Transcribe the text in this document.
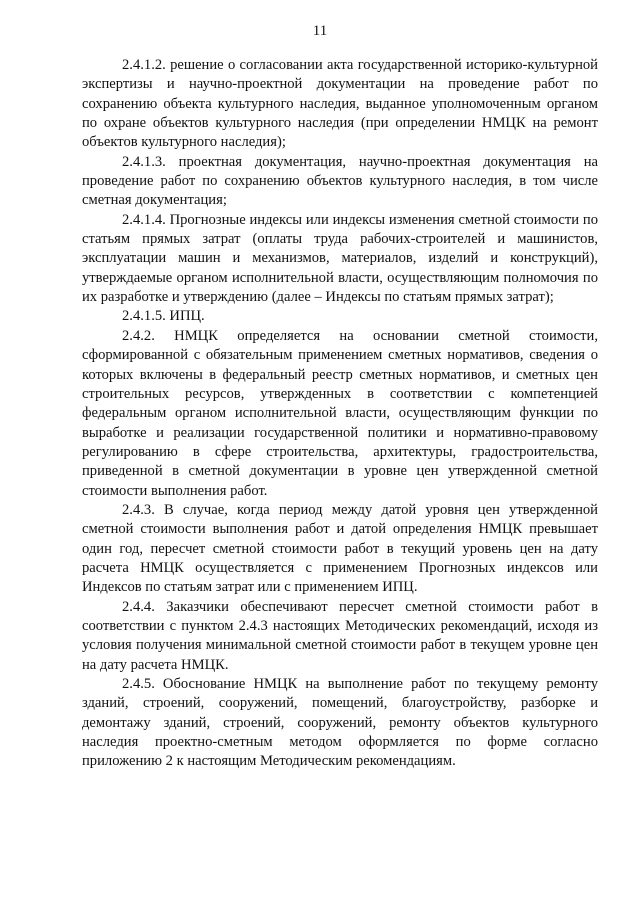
11

2.4.1.2. решение о согласовании акта государственной историко-культурной экспертизы и научно-проектной документации на проведение работ по сохранению объекта культурного наследия, выданное уполномоченным органом по охране объектов культурного наследия (при определении НМЦК на ремонт объектов культурного наследия);

2.4.1.3. проектная документация, научно-проектная документация на проведение работ по сохранению объектов культурного наследия, в том числе сметная документация;

2.4.1.4. Прогнозные индексы или индексы изменения сметной стоимости по статьям прямых затрат (оплаты труда рабочих-строителей и машинистов, эксплуатации машин и механизмов, материалов, изделий и конструкций), утверждаемые органом исполнительной власти, осуществляющим полномочия по их разработке и утверждению (далее – Индексы по статьям прямых затрат);

2.4.1.5. ИПЦ.

2.4.2. НМЦК определяется на основании сметной стоимости, сформированной с обязательным применением сметных нормативов, сведения о которых включены в федеральный реестр сметных нормативов, и сметных цен строительных ресурсов, утвержденных в соответствии с компетенцией федеральным органом исполнительной власти, осуществляющим функции по выработке и реализации государственной политики и нормативно-правовому регулированию в сфере строительства, архитектуры, градостроительства, приведенной в сметной документации в уровне цен утвержденной сметной стоимости выполнения работ.

2.4.3. В случае, когда период между датой уровня цен утвержденной сметной стоимости выполнения работ и датой определения НМЦК превышает один год, пересчет сметной стоимости работ в текущий уровень цен на дату расчета НМЦК осуществляется с применением Прогнозных индексов или Индексов по статьям затрат или с применением ИПЦ.

2.4.4. Заказчики обеспечивают пересчет сметной стоимости работ в соответствии с пунктом 2.4.3 настоящих Методических рекомендаций, исходя из условия получения минимальной сметной стоимости работ в текущем уровне цен на дату расчета НМЦК.

2.4.5. Обоснование НМЦК на выполнение работ по текущему ремонту зданий, строений, сооружений, помещений, благоустройству, разборке и демонтажу зданий, строений, сооружений, ремонту объектов культурного наследия проектно-сметным методом оформляется по форме согласно приложению 2 к настоящим Методическим рекомендациям.
